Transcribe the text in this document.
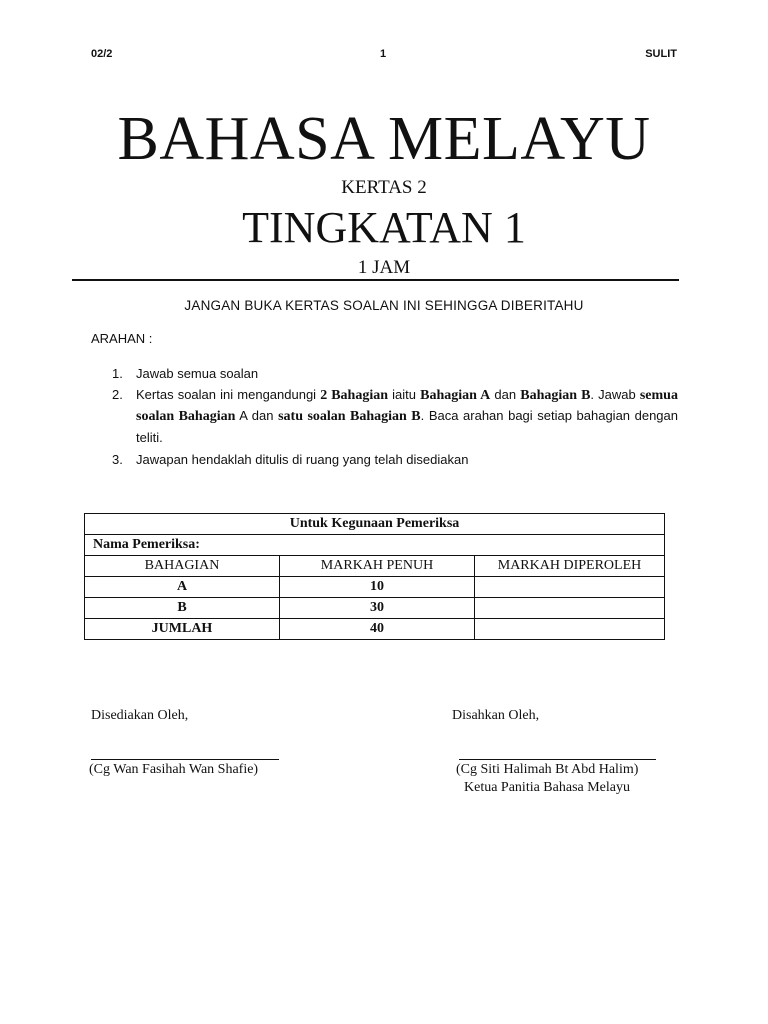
02/2	1	SULIT
BAHASA MELAYU
KERTAS 2
TINGKATAN 1
1 JAM
JANGAN BUKA KERTAS SOALAN INI SEHINGGA DIBERITAHU
ARAHAN :
1. Jawab semua soalan
2. Kertas soalan ini mengandungi 2 Bahagian iaitu Bahagian A dan Bahagian B. Jawab semua soalan Bahagian A dan satu soalan Bahagian B. Baca arahan bagi setiap bahagian dengan teliti.
3. Jawapan hendaklah ditulis di ruang yang telah disediakan
Untuk Kegunaan Pemeriksa		
Nama Pemeriksa:		
BAHAGIAN	MARKAH PENUH	MARKAH DIPEROLEH
A	10	
B	30	
JUMLAH	40	
Disediakan Oleh,	Disahkan Oleh,
(Cg Wan Fasihah Wan Shafie)	(Cg Siti Halimah Bt Abd Halim)
Ketua Panitia Bahasa Melayu
